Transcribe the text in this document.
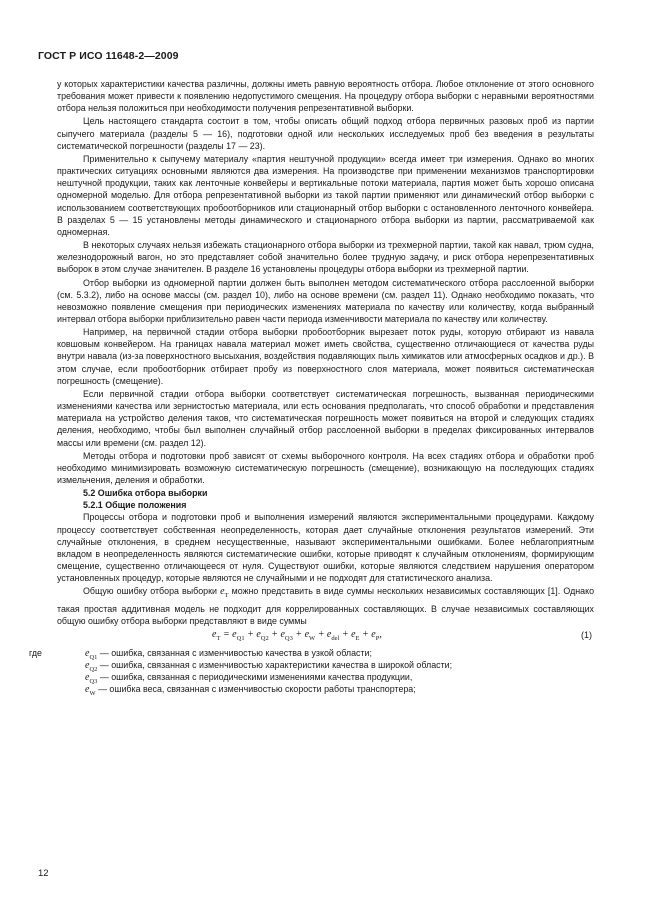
ГОСТ Р ИСО 11648-2—2009

у которых характеристики качества различны, должны иметь равную вероятность отбора. Любое отклонение от этого основного требования может привести к появлению недопустимого смещения. На процедуру отбора выборки с неравными вероятностями отбора нельзя положиться при необходимости получения репрезентативной выборки.

Цель настоящего стандарта состоит в том, чтобы описать общий подход отбора первичных разовых проб из партии сыпучего материала (разделы 5 — 16), подготовки одной или нескольких исследуемых проб без введения в результаты систематической погрешности (разделы 17 — 23).

Применительно к сыпучему материалу «партия нештучной продукции» всегда имеет три измерения. Однако во многих практических ситуациях основными являются два измерения. На производстве при применении механизмов транспортировки нештучной продукции, таких как ленточные конвейеры и вертикальные потоки материала, партия может быть хорошо описана одномерной моделью. Для отбора репрезентативной выборки из такой партии применяют или динамический отбор выборки с использованием соответствующих пробоотборников или стационарный отбор выборки с остановленного ленточного конвейера. В разделах 5 — 15 установлены методы динамического и стационарного отбора выборки из партии, рассматриваемой как одномерная.

В некоторых случаях нельзя избежать стационарного отбора выборки из трехмерной партии, такой как навал, трюм судна, железнодорожный вагон, но это представляет собой значительно более трудную задачу, и риск отбора нерепрезентативных выборок в этом случае значителен. В разделе 16 установлены процедуры отбора выборки из трехмерной партии.

Отбор выборки из одномерной партии должен быть выполнен методом систематического отбора расслоенной выборки (см. 5.3.2), либо на основе массы (см. раздел 10), либо на основе времени (см. раздел 11). Однако необходимо показать, что невозможно появление смещения при периодических изменениях материала по качеству или количеству, когда выбранный интервал отбора выборки приблизительно равен части периода изменчивости материала по качеству или количеству.

Например, на первичной стадии отбора выборки пробоотборник вырезает поток руды, которую отбирают из навала ковшовым конвейером. На границах навала материал может иметь свойства, существенно отличающиеся от качества руды внутри навала (из-за поверхностного высыхания, воздействия подавляющих пыль химикатов или атмосферных осадков и др.). В этом случае, если пробоотборник отбирает пробу из поверхностного слоя материала, может появиться систематическая погрешность (смещение).

Если первичной стадии отбора выборки соответствует систематическая погрешность, вызванная периодическими изменениями качества или зернистостью материала, или есть основания предполагать, что способ обработки и представления материала на устройство деления таков, что систематическая погрешность может появиться на второй и следующих стадиях деления, необходимо, чтобы был выполнен случайный отбор расслоенной выборки в пределах фиксированных интервалов массы или времени (см. раздел 12).

Методы отбора и подготовки проб зависят от схемы выборочного контроля. На всех стадиях отбора и обработки проб необходимо минимизировать возможную систематическую погрешность (смещение), возникающую на последующих стадиях измельчения, деления и обработки.

5.2 Ошибка отбора выборки

5.2.1 Общие положения

Процессы отбора и подготовки проб и выполнения измерений являются экспериментальными процедурами. Каждому процессу соответствует собственная неопределенность, которая дает случайные отклонения результатов измерений. Эти случайные отклонения, в среднем несущественные, называют экспериментальными ошибками. Более неблагоприятным вкладом в неопределенность являются систематические ошибки, которые приводят к случайным отклонениям, формирующим смещение, существенно отличающееся от нуля. Существуют ошибки, которые являются следствием нарушения оператором установленных процедур, которые являются не случайными и не подходят для статистического анализа.

Общую ошибку отбора выборки $e_T$ можно представить в виде суммы нескольких независимых составляющих [1]. Однако такая простая аддитивная модель не подходит для коррелированных составляющих. В случае независимых составляющих общую ошибку отбора выборки представляют в виде суммы

$e_T = e_{Q1} + e_{Q2} + e_{Q3} + e_W + e_{del} + e_E + e_P$,	(1)
где	$e_{Q1}$ — ошибка, связанная с изменчивостью качества в узкой области;
$e_{Q2}$ — ошибка, связанная с изменчивостью характеристики качества в широкой области;
$e_{Q3}$ — ошибка, связанная с периодическими изменениями качества продукции,
$e_W$ — ошибка веса, связанная с изменчивостью скорости работы транспортера;
12
